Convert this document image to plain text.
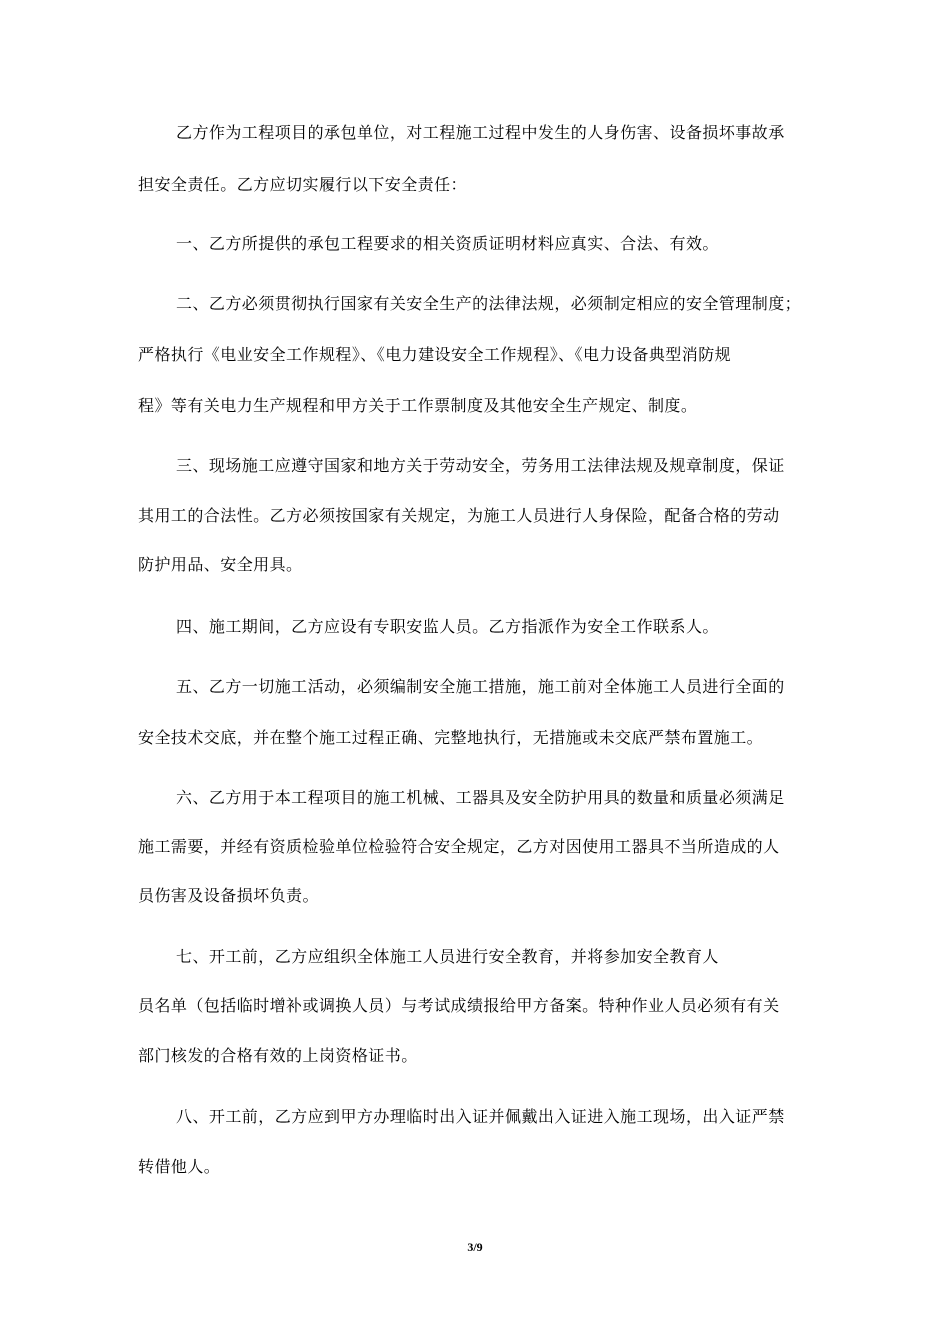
乙方作为工程项目的承包单位，对工程施工过程中发生的人身伤害、设备损坏事故承
担安全责任。乙方应切实履行以下安全责任：
一、乙方所提供的承包工程要求的相关资质证明材料应真实、合法、有效。
二、乙方必须贯彻执行国家有关安全生产的法律法规，必须制定相应的安全管理制度；
严格执行《电业安全工作规程》、《电力建设安全工作规程》、《电力设备典型消防规
程》等有关电力生产规程和甲方关于工作票制度及其他安全生产规定、制度。
三、现场施工应遵守国家和地方关于劳动安全，劳务用工法律法规及规章制度，保证
其用工的合法性。乙方必须按国家有关规定，为施工人员进行人身保险，配备合格的劳动
防护用品、安全用具。
四、施工期间，乙方应设有专职安监人员。乙方指派作为安全工作联系人。
五、乙方一切施工活动，必须编制安全施工措施，施工前对全体施工人员进行全面的
安全技术交底，并在整个施工过程正确、完整地执行，无措施或未交底严禁布置施工。
六、乙方用于本工程项目的施工机械、工器具及安全防护用具的数量和质量必须满足
施工需要，并经有资质检验单位检验符合安全规定，乙方对因使用工器具不当所造成的人
员伤害及设备损坏负责。
七、开工前，乙方应组织全体施工人员进行安全教育，并将参加安全教育人
员名单（包括临时增补或调换人员）与考试成绩报给甲方备案。特种作业人员必须有有关
部门核发的合格有效的上岗资格证书。
八、开工前，乙方应到甲方办理临时出入证并佩戴出入证进入施工现场，出入证严禁
转借他人。
3/9
